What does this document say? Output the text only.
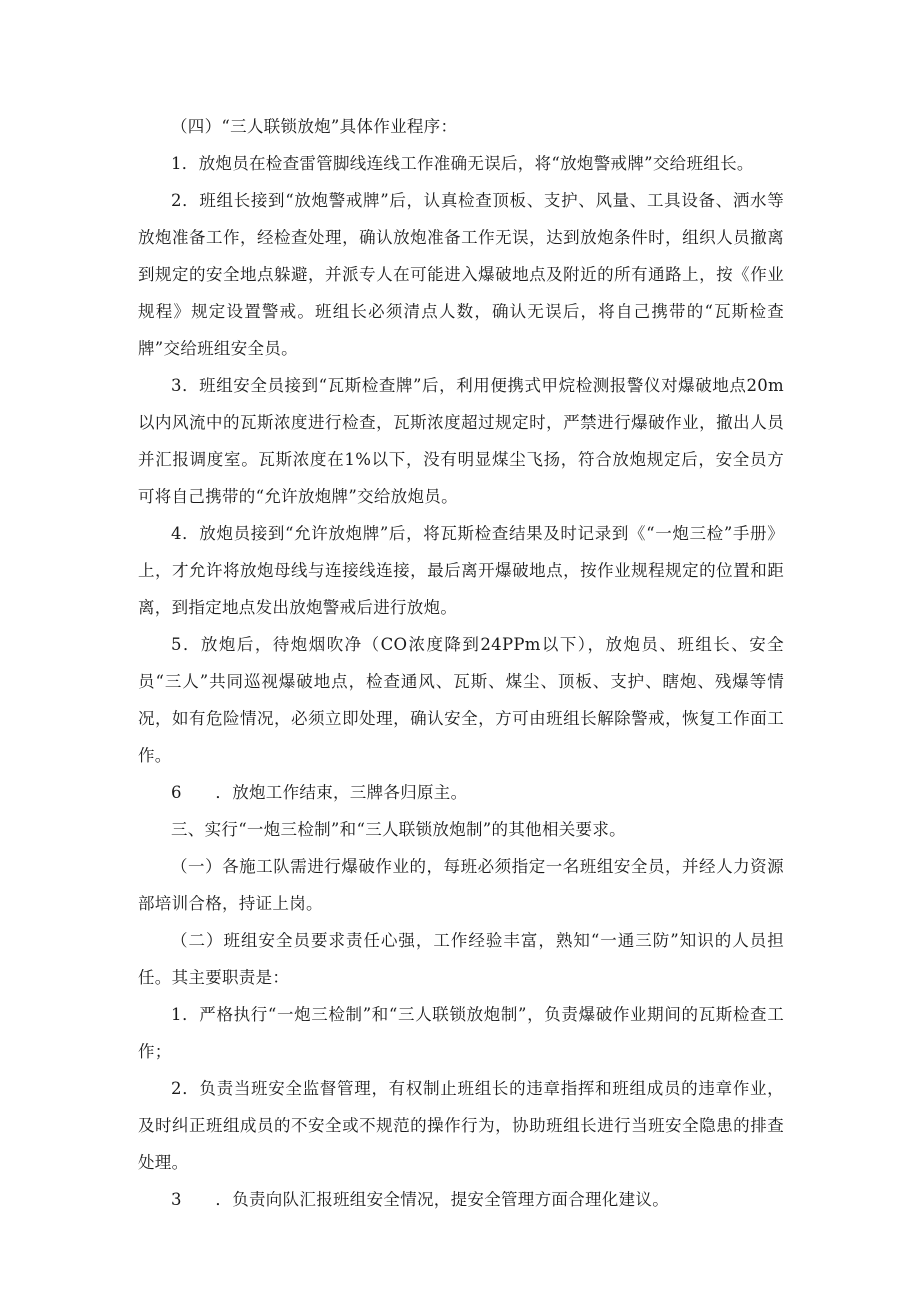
（四）“三人联锁放炮”具体作业程序：

1．放炮员在检查雷管脚线连线工作准确无误后，将“放炮警戒牌”交给班组长。

2．班组长接到“放炮警戒牌”后，认真检查顶板、支护、风量、工具设备、洒水等放炮准备工作，经检查处理，确认放炮准备工作无误，达到放炮条件时，组织人员撤离到规定的安全地点躲避，并派专人在可能进入爆破地点及附近的所有通路上，按《作业规程》规定设置警戒。班组长必须清点人数，确认无误后，将自己携带的“瓦斯检查牌”交给班组安全员。

3．班组安全员接到“瓦斯检查牌”后，利用便携式甲烷检测报警仪对爆破地点20m以内风流中的瓦斯浓度进行检查，瓦斯浓度超过规定时，严禁进行爆破作业，撤出人员并汇报调度室。瓦斯浓度在1%以下，没有明显煤尘飞扬，符合放炮规定后，安全员方可将自己携带的“允许放炮牌”交给放炮员。

4．放炮员接到“允许放炮牌”后，将瓦斯检查结果及时记录到《“一炮三检”手册》上，才允许将放炮母线与连接线连接，最后离开爆破地点，按作业规程规定的位置和距离，到指定地点发出放炮警戒后进行放炮。

5．放炮后，待炮烟吹净（CO浓度降到24PPm以下），放炮员、班组长、安全员“三人”共同巡视爆破地点，检查通风、瓦斯、煤尘、顶板、支护、瞎炮、残爆等情况，如有危险情况，必须立即处理，确认安全，方可由班组长解除警戒，恢复工作面工作。

6　　．放炮工作结束，三牌各归原主。

三、实行“一炮三检制”和“三人联锁放炮制”的其他相关要求。

（一）各施工队需进行爆破作业的，每班必须指定一名班组安全员，并经人力资源部培训合格，持证上岗。

（二）班组安全员要求责任心强，工作经验丰富，熟知“一通三防”知识的人员担任。其主要职责是：

1．严格执行“一炮三检制”和“三人联锁放炮制”，负责爆破作业期间的瓦斯检查工作；

2．负责当班安全监督管理，有权制止班组长的违章指挥和班组成员的违章作业，及时纠正班组成员的不安全或不规范的操作行为，协助班组长进行当班安全隐患的排查处理。

3　　．负责向队汇报班组安全情况，提安全管理方面合理化建议。
